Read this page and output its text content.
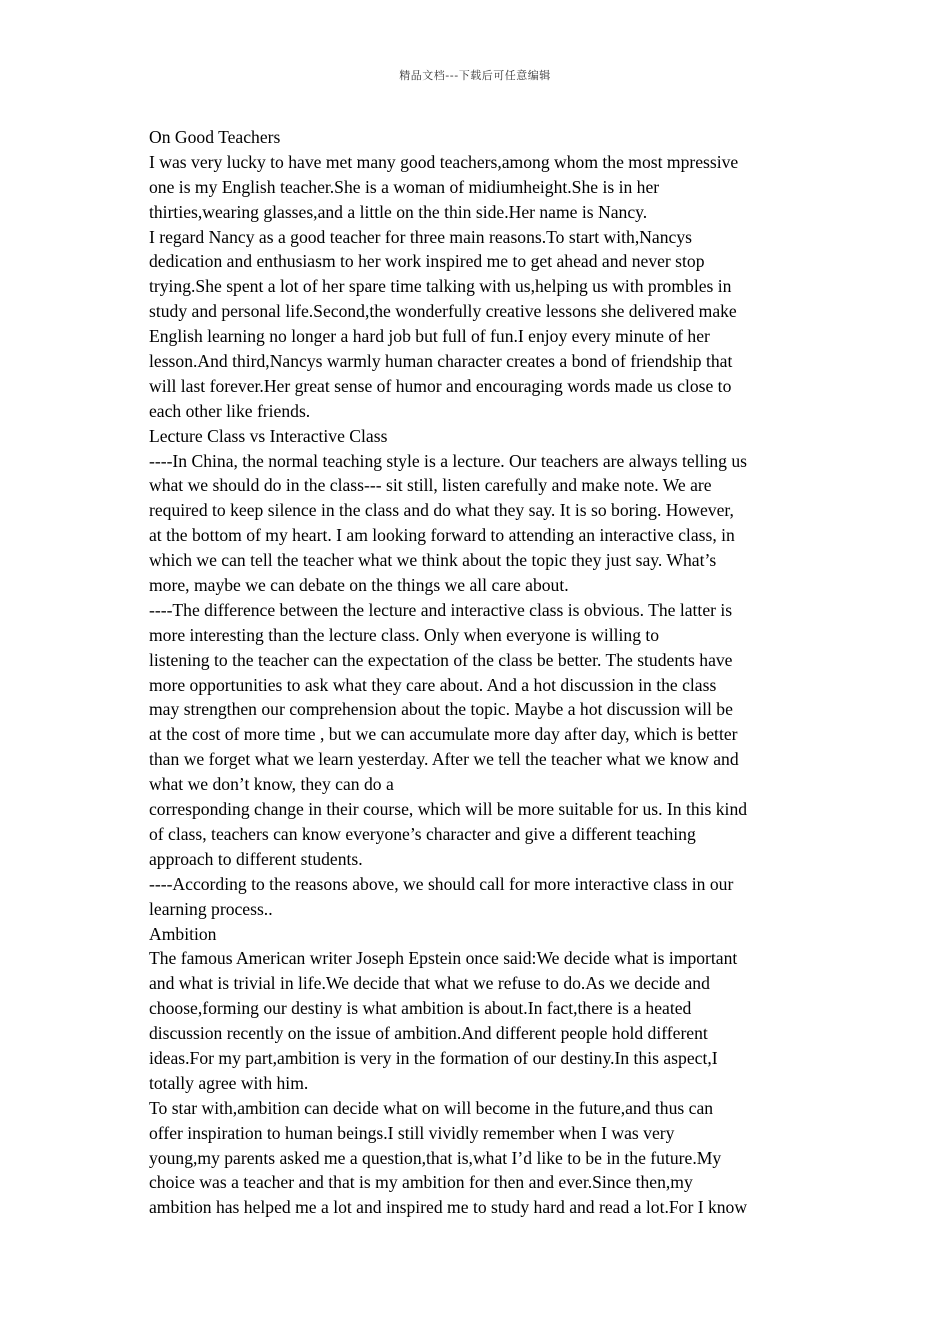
精品文档---下载后可任意编辑
On Good Teachers
I was very lucky to have met many good teachers,among whom the most mpressive
one is my English teacher.She is a woman of midiumheight.She is in her
thirties,wearing glasses,and a little on the thin side.Her name is Nancy.
I regard Nancy as a good teacher for three main reasons.To start with,Nancys
dedication and enthusiasm to her work inspired me to get ahead and never stop
trying.She spent a lot of her spare time talking with us,helping us with prombles in
study and personal life.Second,the wonderfully creative lessons she delivered make
English learning no longer a hard job but full of fun.I enjoy every minute of her
lesson.And third,Nancys warmly human character creates a bond of friendship that
will last forever.Her great sense of humor and encouraging words made us close to
each other like friends.
Lecture Class vs Interactive Class
----In China, the normal teaching style is a lecture. Our teachers are always telling us
what we should do in the class--- sit still, listen carefully and make note. We are
required to keep silence in the class and do what they say. It is so boring. However,
at the bottom of my heart. I am looking forward to attending an interactive class, in
which we can tell the teacher what we think about the topic they just say. What’s
more, maybe we can debate on the things we all care about.
----The difference between the lecture and interactive class is obvious. The latter is
more interesting than the lecture class. Only when everyone is willing to
listening to the teacher can the expectation of the class be better. The students have
more opportunities to ask what they care about. And a hot discussion in the class
may strengthen our comprehension about the topic. Maybe a hot discussion will be
at the cost of more time , but we can accumulate more day after day, which is better
than we forget what we learn yesterday. After we tell the teacher what we know and
what we don’t know, they can do a
corresponding change in their course, which will be more suitable for us. In this kind
of class, teachers can know everyone’s character and give a different teaching
approach to different students.
----According to the reasons above, we should call for more interactive class in our
learning process..
Ambition
The famous American writer Joseph Epstein once said:We decide what is important
and what is trivial in life.We decide that what we refuse to do.As we decide and
choose,forming our destiny is what ambition is about.In fact,there is a heated
discussion recently on the issue of ambition.And different people hold different
ideas.For my part,ambition is very in the formation of our destiny.In this aspect,I
totally agree with him.
To star with,ambition can decide what on will become in the future,and thus can
offer inspiration to human beings.I still vividly remember when I was very
young,my parents asked me a question,that is,what I’d like to be in the future.My
choice was a teacher and that is my ambition for then and ever.Since then,my
ambition has helped me a lot and inspired me to study hard and read a lot.For I know
